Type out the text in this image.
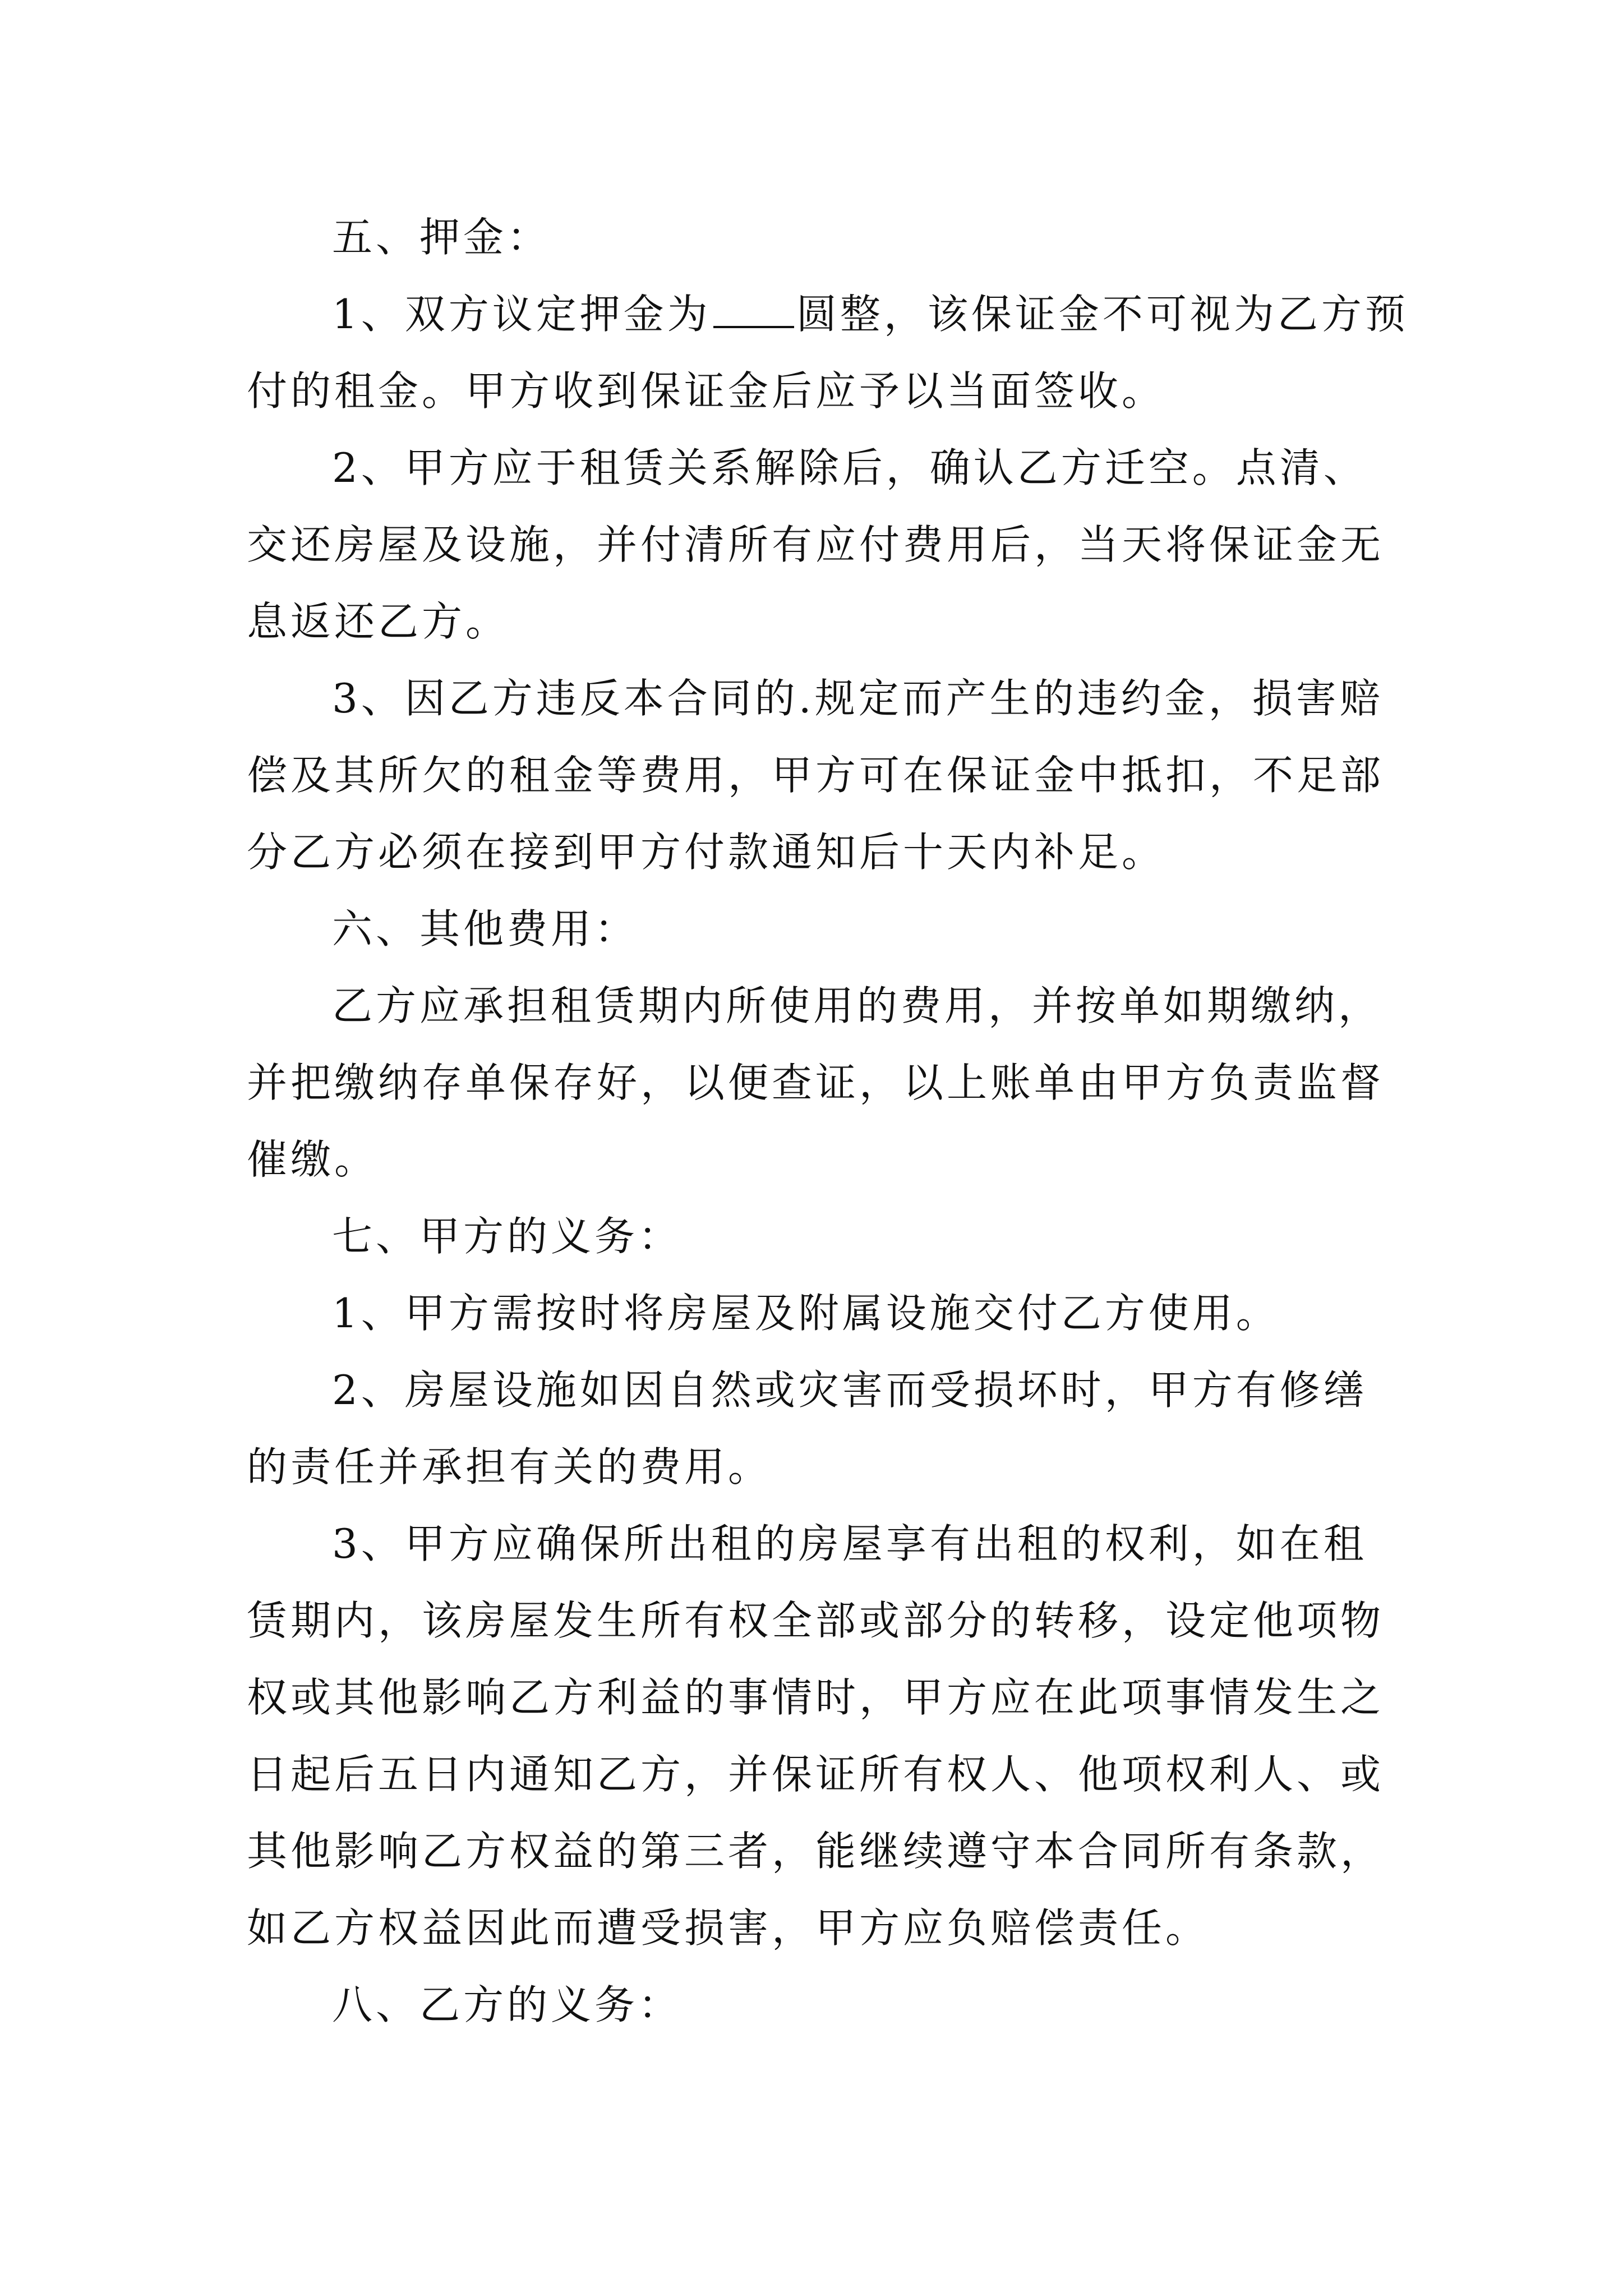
五、押金：
1、双方议定押金为 圆整，该保证金不可视为乙方预
付的租金。甲方收到保证金后应予以当面签收。
2、甲方应于租赁关系解除后，确认乙方迁空。点清、
交还房屋及设施，并付清所有应付费用后，当天将保证金无
息返还乙方。
3、因乙方违反本合同的.规定而产生的违约金，损害赔
偿及其所欠的租金等费用，甲方可在保证金中抵扣，不足部
分乙方必须在接到甲方付款通知后十天内补足。
六、其他费用：
乙方应承担租赁期内所使用的费用，并按单如期缴纳，
并把缴纳存单保存好，以便查证，以上账单由甲方负责监督
催缴。
七、甲方的义务：
1、甲方需按时将房屋及附属设施交付乙方使用。
2、房屋设施如因自然或灾害而受损坏时，甲方有修缮
的责任并承担有关的费用。
3、甲方应确保所出租的房屋享有出租的权利，如在租
赁期内，该房屋发生所有权全部或部分的转移，设定他项物
权或其他影响乙方利益的事情时，甲方应在此项事情发生之
日起后五日内通知乙方，并保证所有权人、他项权利人、或
其他影响乙方权益的第三者，能继续遵守本合同所有条款，
如乙方权益因此而遭受损害，甲方应负赔偿责任。
八、乙方的义务：
